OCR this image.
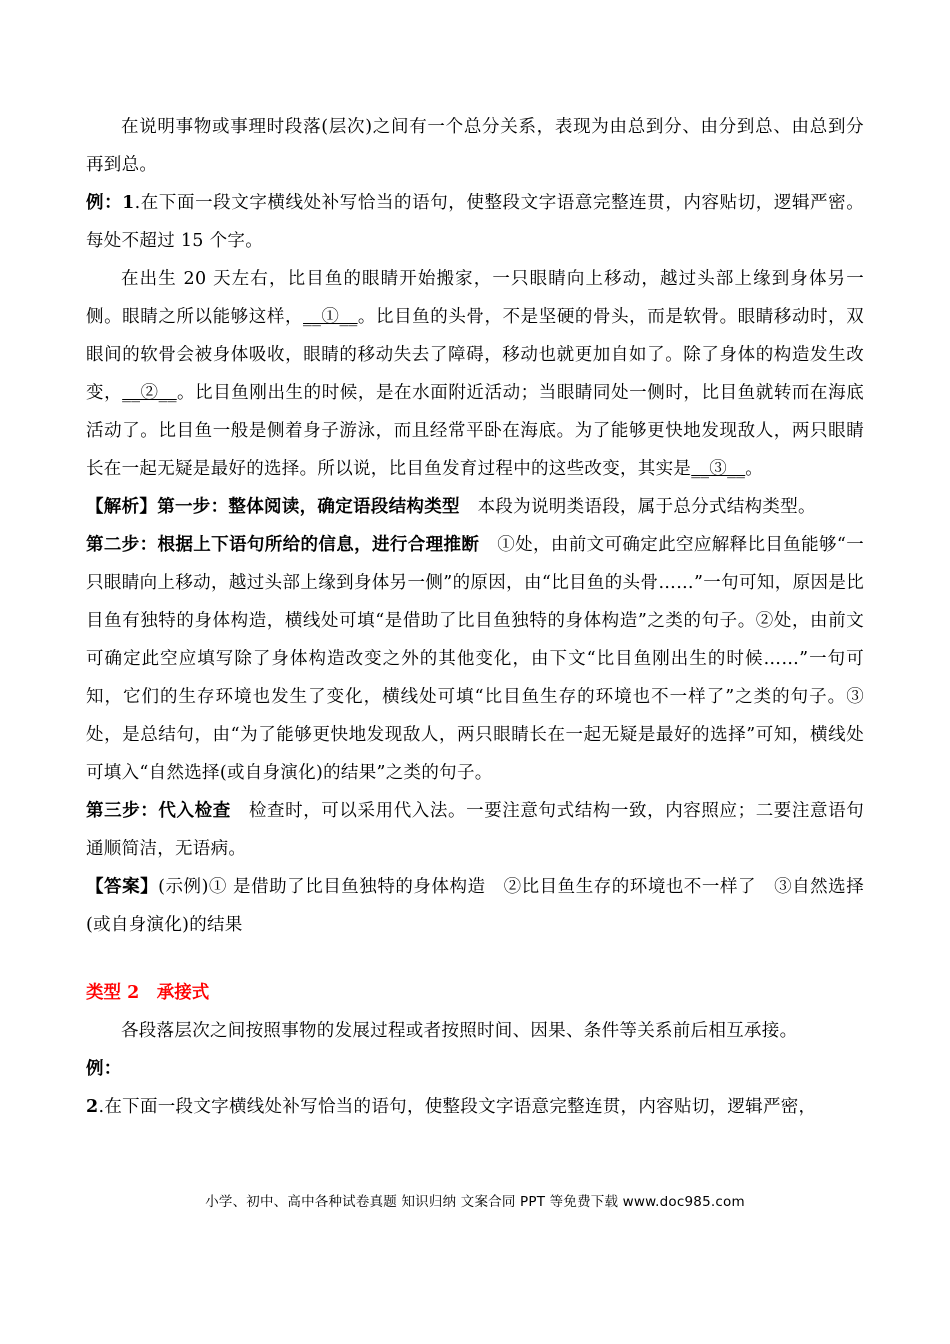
在说明事物或事理时段落(层次)之间有一个总分关系，表现为由总到分、由分到总、由总到分再到总。

例：1.在下面一段文字横线处补写恰当的语句，使整段文字语意完整连贯，内容贴切，逻辑严密。每处不超过 15 个字。

在出生 20 天左右，比目鱼的眼睛开始搬家，一只眼睛向上移动，越过头部上缘到身体另一侧。眼睛之所以能够这样，__①__。比目鱼的头骨，不是坚硬的骨头，而是软骨。眼睛移动时，双眼间的软骨会被身体吸收，眼睛的移动失去了障碍，移动也就更加自如了。除了身体的构造发生改变，__②__。比目鱼刚出生的时候，是在水面附近活动；当眼睛同处一侧时，比目鱼就转而在海底活动了。比目鱼一般是侧着身子游泳，而且经常平卧在海底。为了能够更快地发现敌人，两只眼睛长在一起无疑是最好的选择。所以说，比目鱼发育过程中的这些改变，其实是__③__。

【解析】第一步：整体阅读，确定语段结构类型　本段为说明类语段，属于总分式结构类型。

第二步：根据上下语句所给的信息，进行合理推断　①处，由前文可确定此空应解释比目鱼能够“一只眼睛向上移动，越过头部上缘到身体另一侧”的原因，由“比目鱼的头骨……”一句可知，原因是比目鱼有独特的身体构造，横线处可填“是借助了比目鱼独特的身体构造”之类的句子。②处，由前文可确定此空应填写除了身体构造改变之外的其他变化，由下文“比目鱼刚出生的时候……”一句可知，它们的生存环境也发生了变化，横线处可填“比目鱼生存的环境也不一样了”之类的句子。③处，是总结句，由“为了能够更快地发现敌人，两只眼睛长在一起无疑是最好的选择”可知，横线处可填入“自然选择(或自身演化)的结果”之类的句子。

第三步：代入检查　检查时，可以采用代入法。一要注意句式结构一致，内容照应；二要注意语句通顺简洁，无语病。

【答案】(示例)① 是借助了比目鱼独特的身体构造　②比目鱼生存的环境也不一样了　③自然选择(或自身演化)的结果

类型 2　承接式

各段落层次之间按照事物的发展过程或者按照时间、因果、条件等关系前后相互承接。

例：

2.在下面一段文字横线处补写恰当的语句，使整段文字语意完整连贯，内容贴切，逻辑严密，

小学、初中、高中各种试卷真题 知识归纳 文案合同 PPT 等免费下载 www.doc985.com
